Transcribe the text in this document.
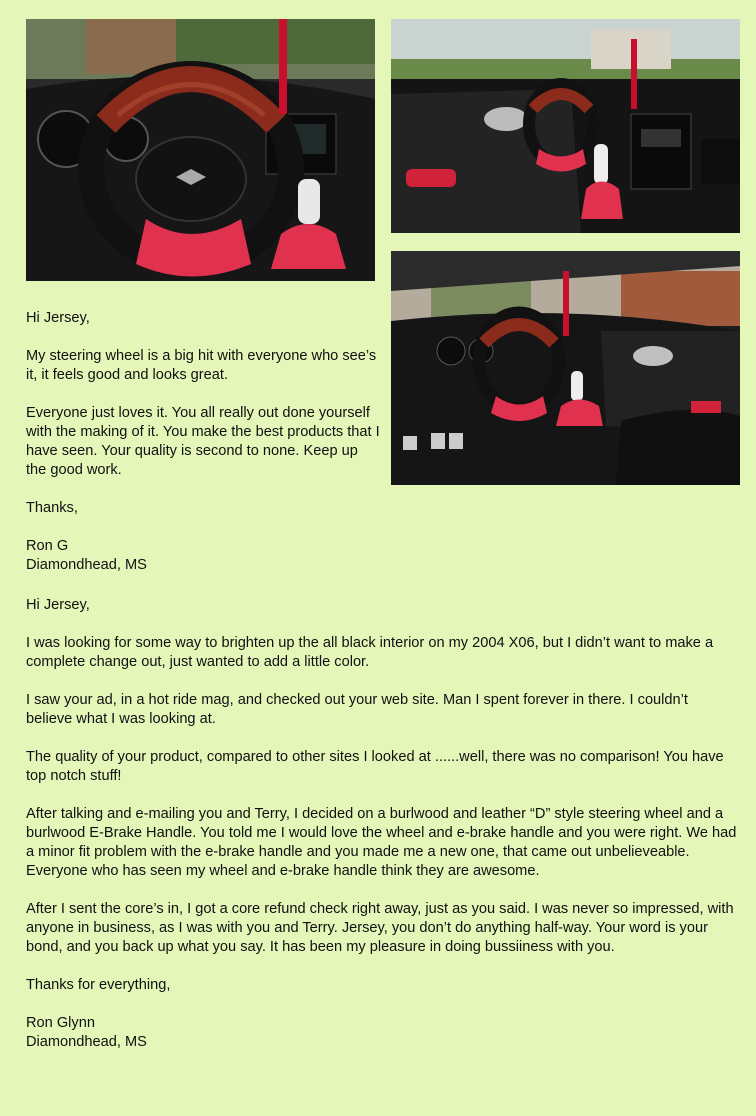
Hi Jersey,

My steering wheel is a big hit with everyone who see’s it, it feels good and looks great.

Everyone just loves it. You all really out done yourself with the making of it. You make the best products that I have seen. Your quality is second to none. Keep up the good work.

Thanks,

Ron G

Diamondhead, MS

Hi Jersey,

I was looking for some way to brighten up the all black interior on my 2004 X06, but I didn’t want to make a complete change out, just wanted to add a little color.

I saw your ad, in a hot ride mag, and checked out your web site. Man I spent forever in there. I couldn’t believe what I was looking at.

The quality of your product, compared to other sites I looked at ......well, there was no comparison! You have top notch stuff!

After talking and e-mailing you and Terry, I decided on a burlwood and leather “D” style steering wheel and a burlwood E-Brake Handle. You told me I would love the wheel and e-brake handle and you were right. We had a minor fit problem with the e-brake handle and you made me a new one, that came out unbelieveable. Everyone who has seen my wheel and e-brake handle think they are awesome.

After I sent the core’s in, I got a core refund check right away, just as you said. I was never so impressed, with anyone in business, as I was with you and Terry. Jersey, you don’t do anything half-way. Your word is your bond, and you back up what you say. It has been my pleasure in doing bussiiness with you.

Thanks for everything,

Ron Glynn

Diamondhead, MS
